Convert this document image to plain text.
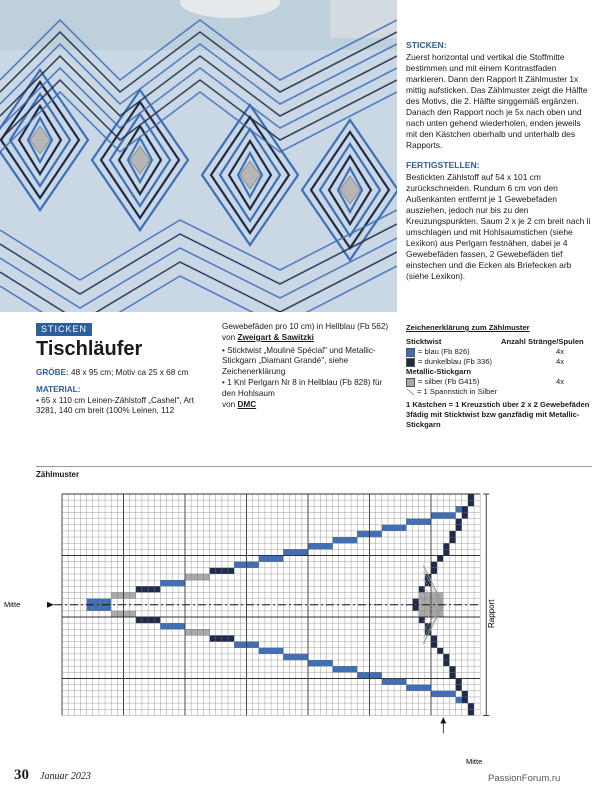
STICKEN:
Zuerst horizontal und vertikal die Stoffmitte bestimmen und mit einem Kontrastfaden markieren. Dann den Rapport lt Zählmuster 1x mittig aufsticken. Das Zählmuster zeigt die Hälfte des Motivs, die 2. Hälfte singgemäß ergänzen. Danach den Rapport noch je 5x nach oben und nach unten gehend wiederholen, enden jeweils mit den Kästchen oberhalb und unterhalb des Rapports.
FERTIGSTELLEN:
Bestickten Zählstoff auf 54 x 101 cm zurückschneiden. Rundum 6 cm von den Außenkanten entfernt je 1 Gewebefaden ausziehen, jedoch nur bis zu den Kreuzungspunkten. Saum 2 x je 2 cm breit nach li umschlagen und mit Hohlsaumstichen (siehe Lexikon) aus Perlgarn festnähen, dabei je 4 Gewebefäden fassen, 2 Gewebefäden tief einstechen und die Ecken als Briefecken arb (siehe Lexikon).
STICKEN
Tischläufer
GRÖBE: 48 x 95 cm; Motiv ca 25 x 68 cm
MATERIAL:
• 65 x 110 cm Leinen-Zählstoff „Cashel", Art 3281, 140 cm breit (100% Leinen, 112
Gewebefäden pro 10 cm) in Hellblau (Fb 562)
von Zweigart & Sawitzki
• Sticktwist „Mouliné Spécial" und Metallic-Stickgarn „Diamant Grandé", siehe Zeichenerklärung
• 1 Knl Perlgarn Nr 8 in Hellblau (Fb 828) für den Hohlsaum
von DMC
Zeichenerklärung zum Zählmuster
Sticktwist	Anzahl Stränge/Spulen
= blau (Fb 826)	4x
= dunkelblau (Fb 336)	4x
Metallic-Stickgarn
= silber (Fb G415)	4x
= 1 Spannstich in Silber
1 Kästchen = 1 Kreuzstich über 2 x 2 Gewebefäden 3fädig mit Sticktwist bzw ganzfädig mit Metallic-Stickgarn
Zählmuster
Mitte
Mitte
Rapport
30 Januar 2023	PassionForum.ru
